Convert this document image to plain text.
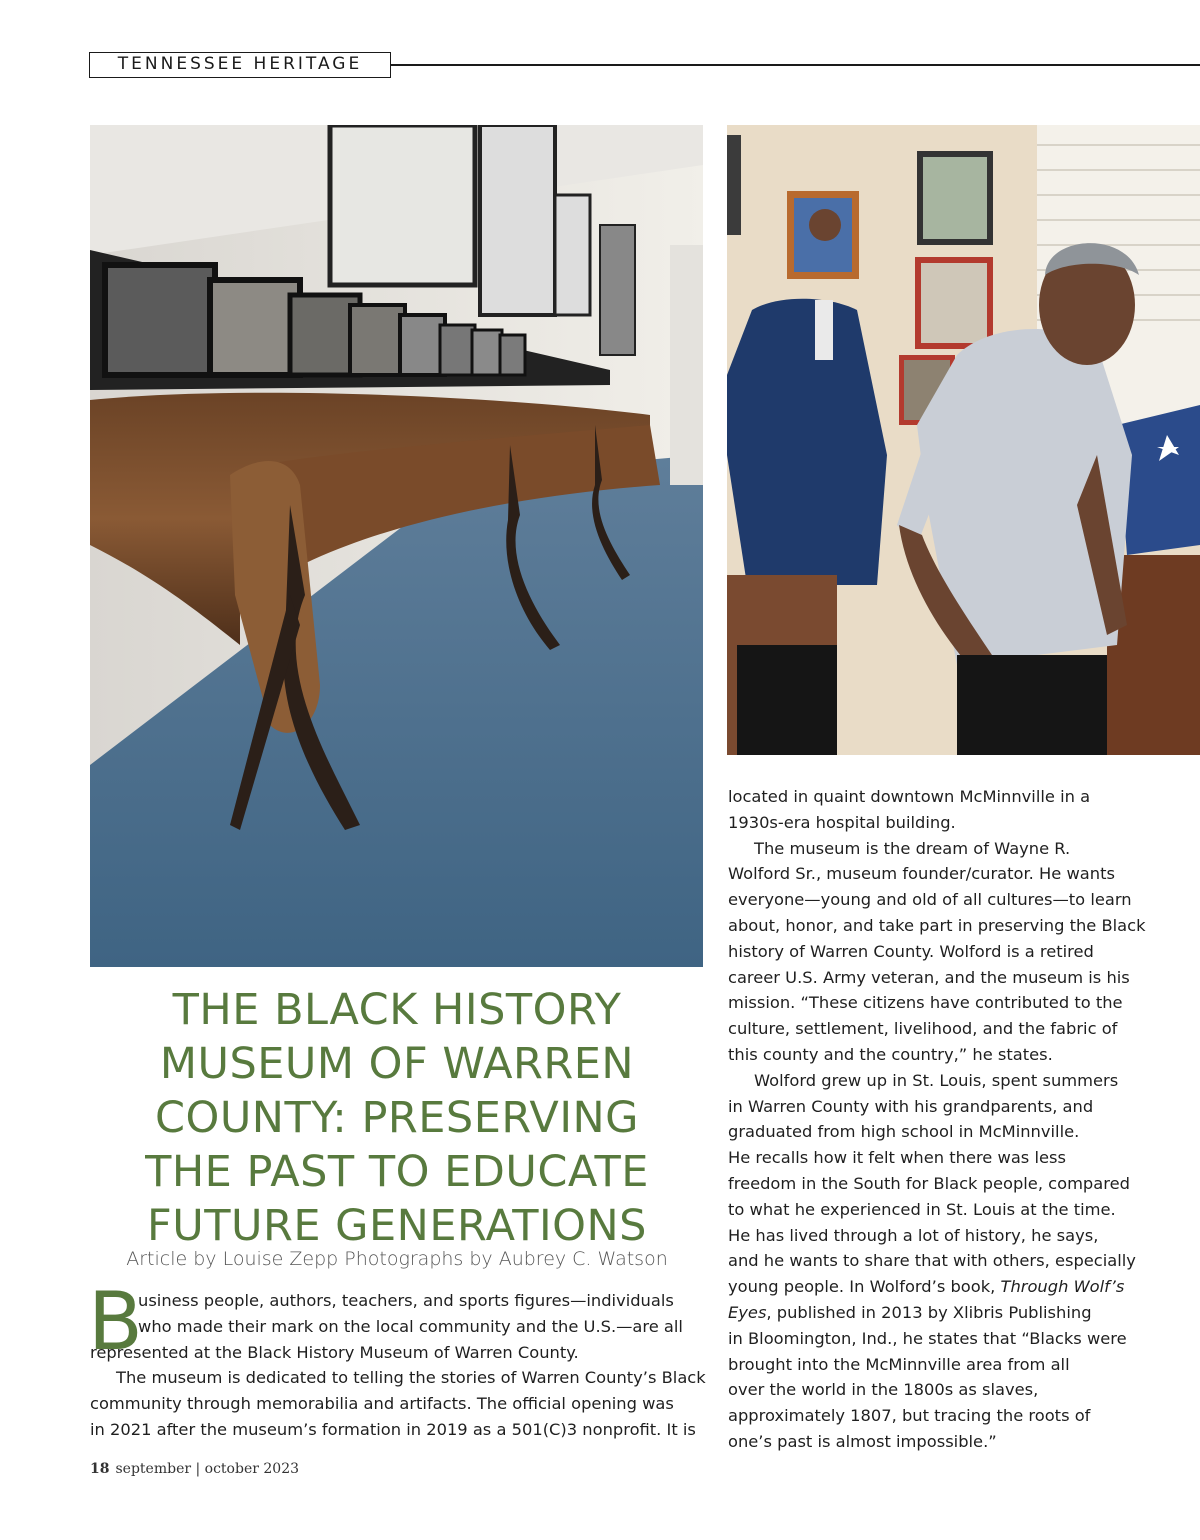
TENNESSEE HERITAGE
THE BLACK HISTORY
MUSEUM OF WARREN
COUNTY: PRESERVING
THE PAST TO EDUCATE
FUTURE GENERATIONS
Article by Louise Zepp Photographs by Aubrey C. Watson
B
usiness people, authors, teachers, and sports figures—individuals
who made their mark on the local community and the U.S.—are all
represented at the Black History Museum of Warren County.

The museum is dedicated to telling the stories of Warren County’s Black
community through memorabilia and artifacts. The official opening was
in 2021 after the museum’s formation in 2019 as a 501(C)3 nonprofit. It is

located in quaint downtown McMinnville in a
1930s-era hospital building.

The museum is the dream of Wayne R.
Wolford Sr., museum founder/curator. He wants
everyone—young and old of all cultures—to learn
about, honor, and take part in preserving the Black
history of Warren County. Wolford is a retired
career U.S. Army veteran, and the museum is his
mission. “These citizens have contributed to the
culture, settlement, livelihood, and the fabric of
this county and the country,” he states.

Wolford grew up in St. Louis, spent summers
in Warren County with his grandparents, and
graduated from high school in McMinnville.
He recalls how it felt when there was less
freedom in the South for Black people, compared
to what he experienced in St. Louis at the time.
He has lived through a lot of history, he says,
and he wants to share that with others, especially
young people. In Wolford’s book, Through Wolf’s
Eyes, published in 2013 by Xlibris Publishing
in Bloomington, Ind., he states that “Blacks were
brought into the McMinnville area from all
over the world in the 1800s as slaves,
approximately 1807, but tracing the roots of
one’s past is almost impossible.”

18 september | october 2023
